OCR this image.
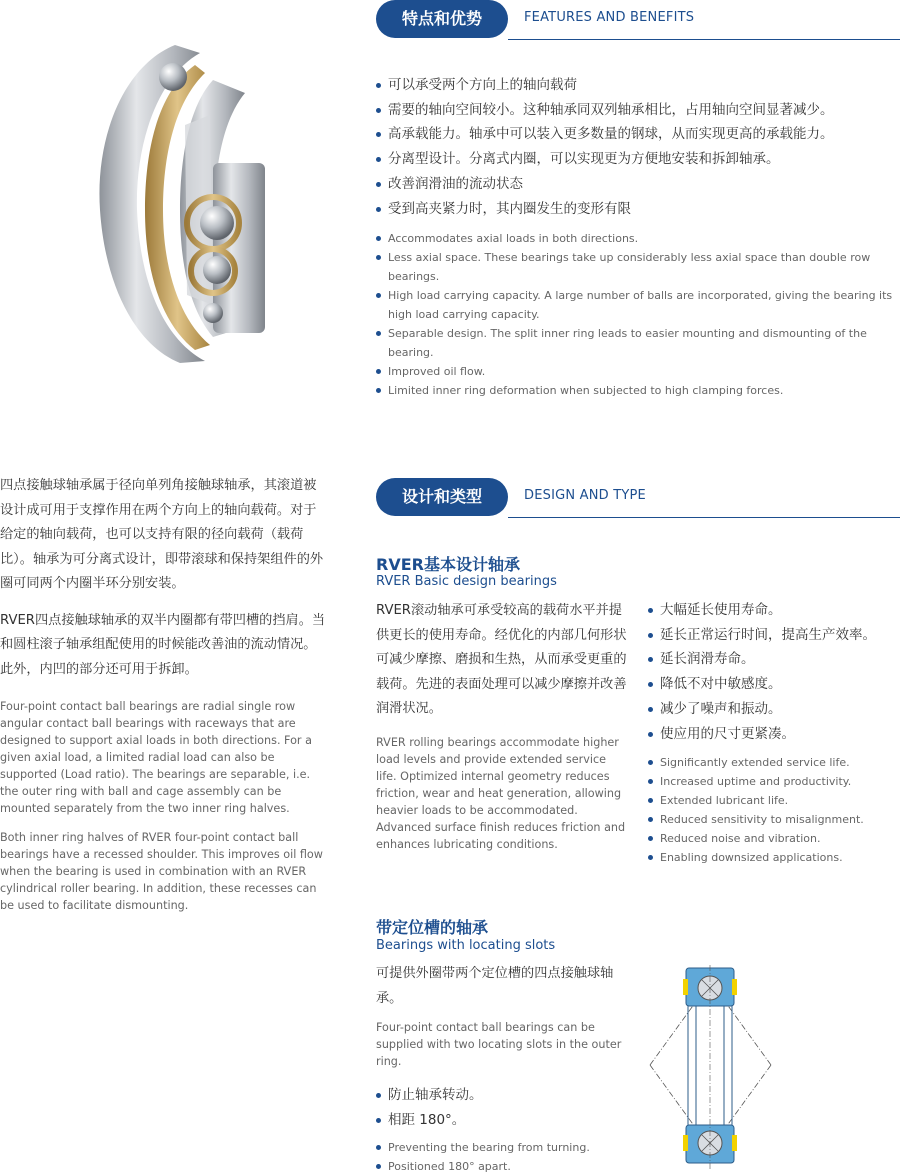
特点和优势	FEATURES AND BENEFITS
可以承受两个方向上的轴向载荷
需要的轴向空间较小。这种轴承同双列轴承相比，占用轴向空间显著减少。
高承载能力。轴承中可以装入更多数量的钢球，从而实现更高的承载能力。
分离型设计。分离式内圈，可以实现更为方便地安装和拆卸轴承。
改善润滑油的流动状态
受到高夹紧力时，其内圈发生的变形有限
Accommodates axial loads in both directions.
Less axial space. These bearings take up considerably less axial space than double row bearings.
High load carrying capacity. A large number of balls are incorporated, giving the bearing its high load carrying capacity.
Separable design. The split inner ring leads to easier mounting and dismounting of the bearing.
Improved oil flow.
Limited inner ring deformation when subjected to high clamping forces.

四点接触球轴承属于径向单列角接触球轴承，其滚道被设计成可用于支撑作用在两个方向上的轴向载荷。对于给定的轴向载荷，也可以支持有限的径向载荷（载荷比）。轴承为可分离式设计，即带滚球和保持架组件的外圈可同两个内圈半环分别安装。

RVER四点接触球轴承的双半内圈都有带凹槽的挡肩。当和圆柱滚子轴承组配使用的时候能改善油的流动情况。此外，内凹的部分还可用于拆卸。

Four-point contact ball bearings are radial single row angular contact ball bearings with raceways that are designed to support axial loads in both directions. For a given axial load, a limited radial load can also be supported (Load ratio). The bearings are separable, i.e. the outer ring with ball and cage assembly can be mounted separately from the two inner ring halves.

Both inner ring halves of RVER four-point contact ball bearings have a recessed shoulder. This improves oil flow when the bearing is used in combination with an RVER cylindrical roller bearing. In addition, these recesses can be used to facilitate dismounting.

设计和类型	DESIGN AND TYPE
RVER基本设计轴承
RVER Basic design bearings

RVER滚动轴承可承受较高的载荷水平并提供更长的使用寿命。经优化的内部几何形状可减少摩擦、磨损和生热，从而承受更重的载荷。先进的表面处理可以减少摩擦并改善润滑状况。

RVER rolling bearings accommodate higher load levels and provide extended service life. Optimized internal geometry reduces friction, wear and heat generation, allowing heavier loads to be accommodated. Advanced surface finish reduces friction and enhances lubricating conditions.

大幅延长使用寿命。
延长正常运行时间，提高生产效率。
延长润滑寿命。
降低不对中敏感度。
减少了噪声和振动。
使应用的尺寸更紧凑。
Significantly extended service life.
Increased uptime and productivity.
Extended lubricant life.
Reduced sensitivity to misalignment.
Reduced noise and vibration.
Enabling downsized applications.
带定位槽的轴承
Bearings with locating slots

可提供外圈带两个定位槽的四点接触球轴承。

Four-point contact ball bearings can be supplied with two locating slots in the outer ring.

防止轴承转动。
相距 180°。
Preventing the bearing from turning.
Positioned 180° apart.
